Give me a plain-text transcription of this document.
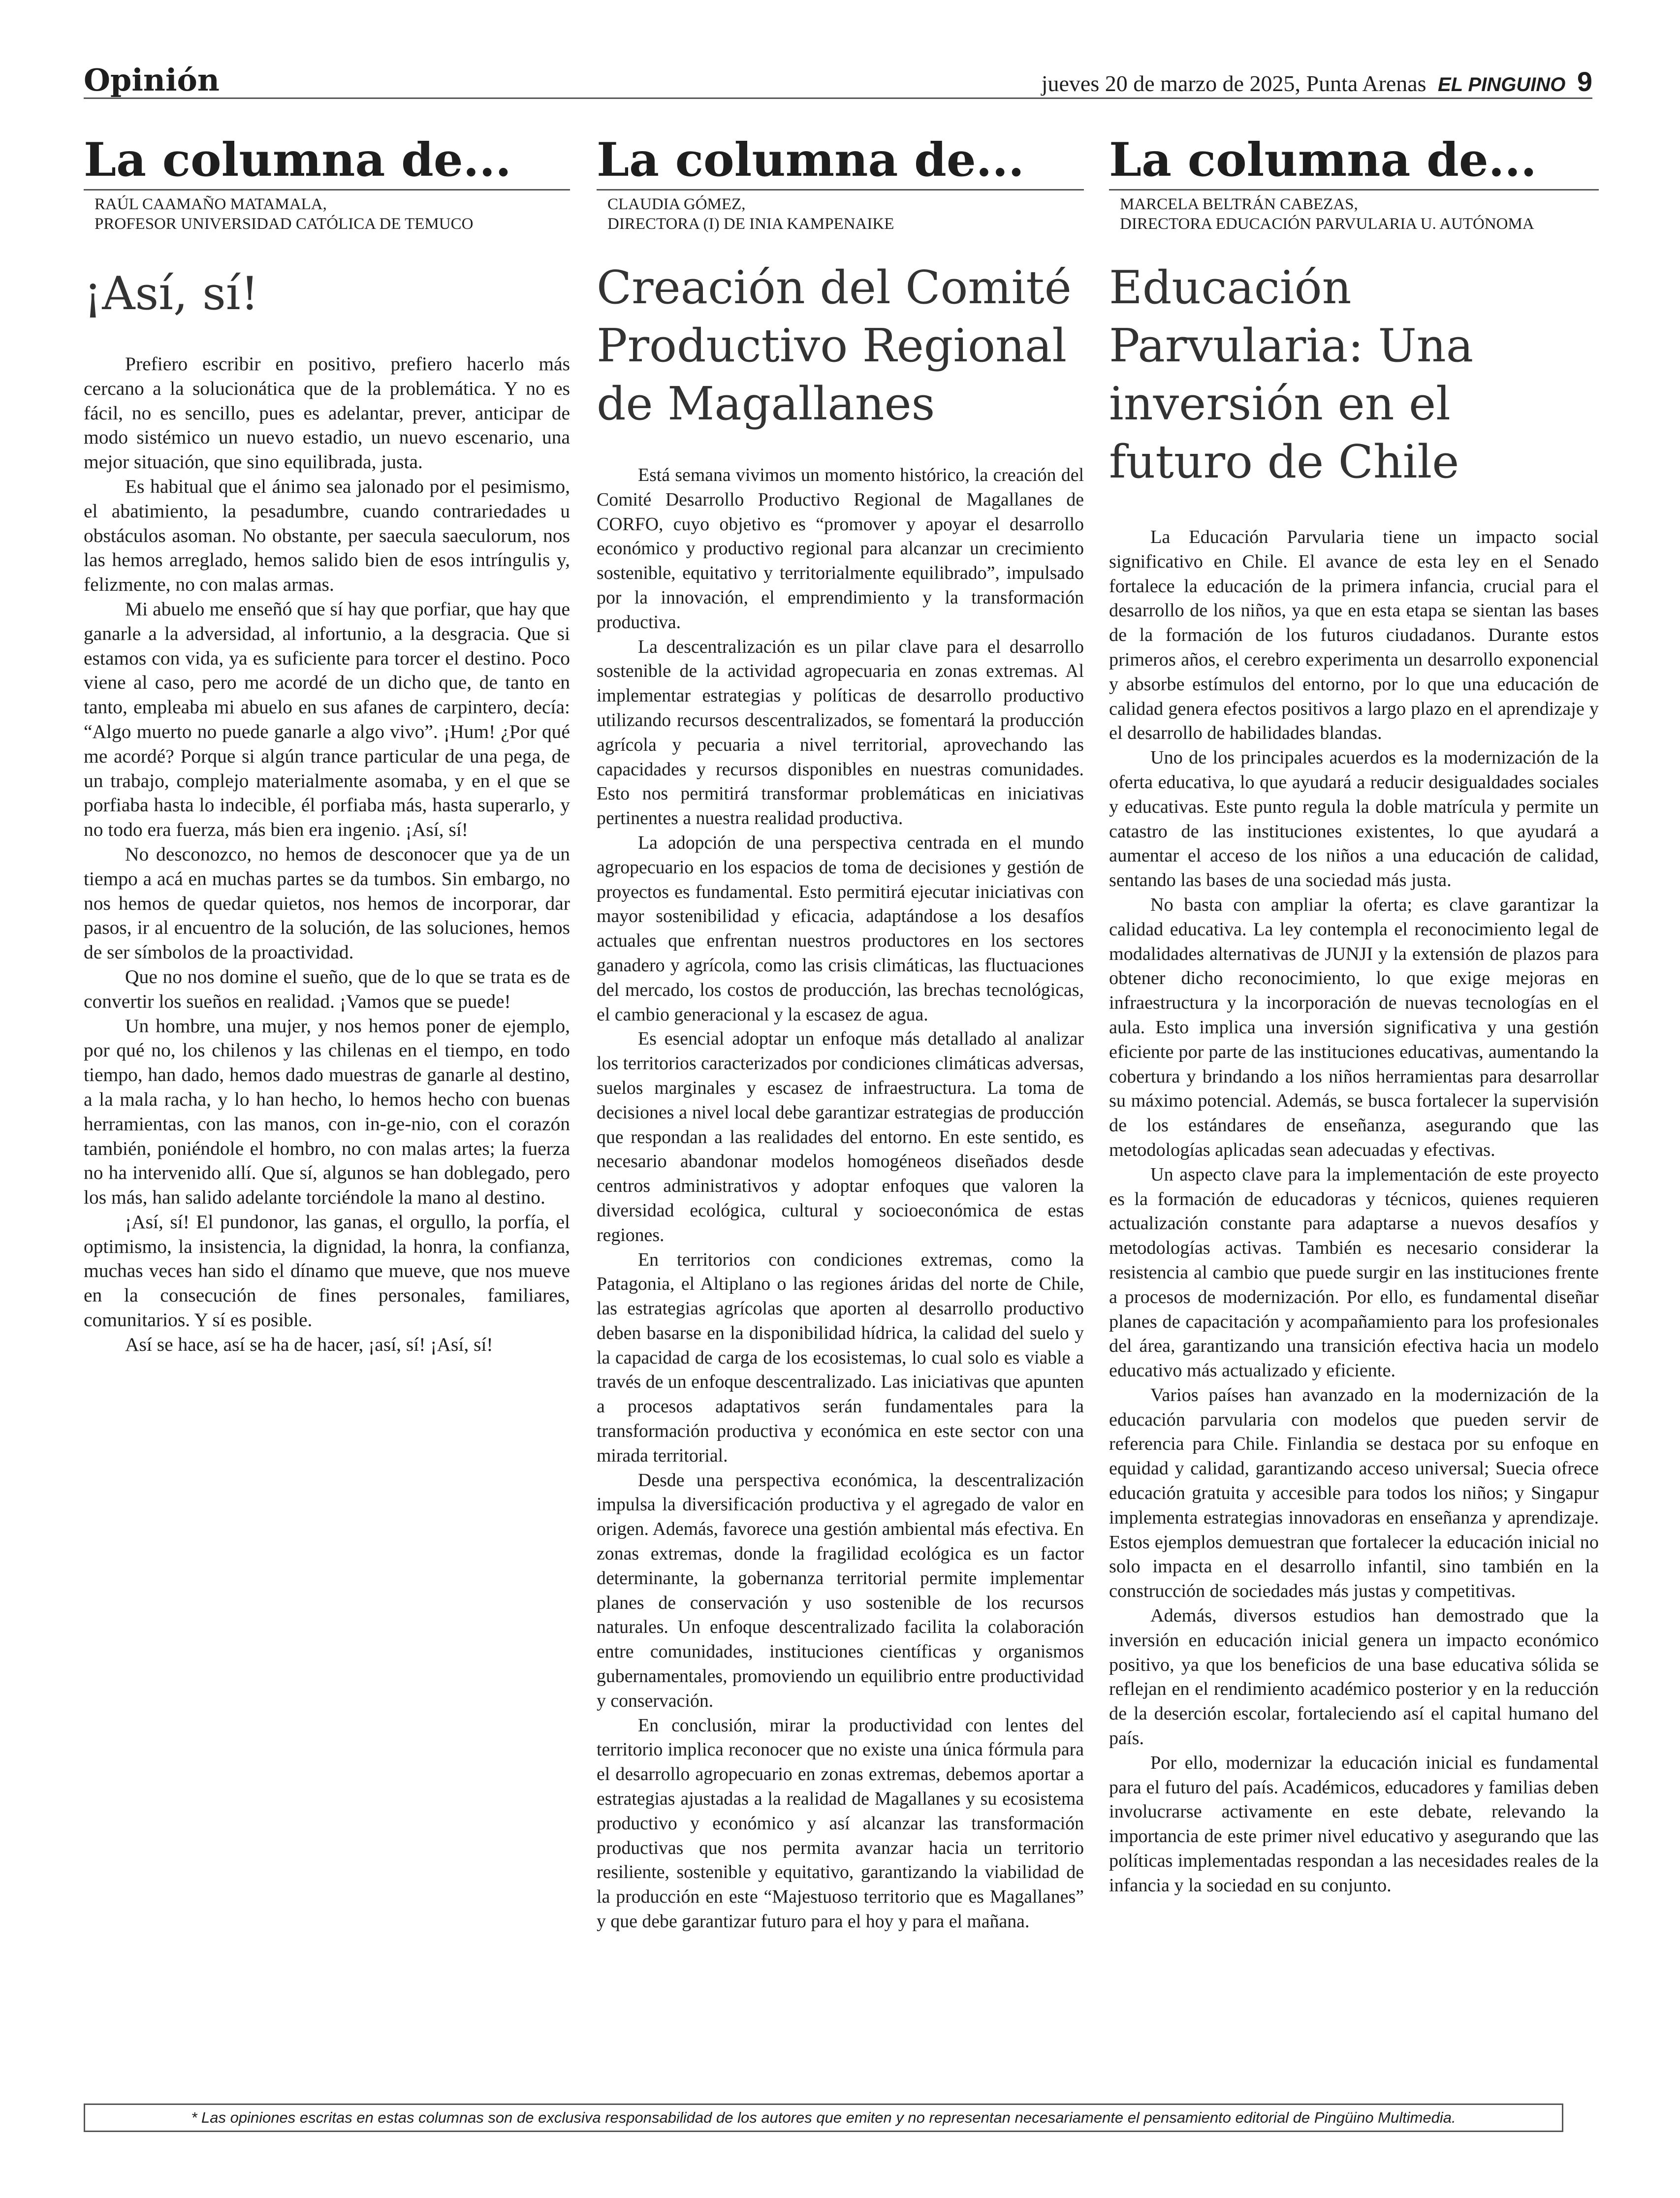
Opinión	jueves 20 de marzo de 2025, Punta Arenas EL PINGUINO 9
La columna de...
RAÚL CAAMAÑO MATAMALA,
PROFESOR UNIVERSIDAD CATÓLICA DE TEMUCO
¡Así, sí!

Prefiero escribir en positivo, prefiero hacerlo más cercano a la solucionática que de la problemática. Y no es fácil, no es sencillo, pues es adelantar, prever, anticipar de modo sistémico un nuevo estadio, un nuevo escenario, una mejor situación, que sino equilibrada, justa.

Es habitual que el ánimo sea jalonado por el pesimismo, el abatimiento, la pesadumbre, cuando contrariedades u obstáculos asoman. No obstante, per saecula saeculorum, nos las hemos arreglado, hemos salido bien de esos intríngulis y, felizmente, no con malas armas.

Mi abuelo me enseñó que sí hay que porfiar, que hay que ganarle a la adversidad, al infortunio, a la desgracia. Que si estamos con vida, ya es suficiente para torcer el destino. Poco viene al caso, pero me acordé de un dicho que, de tanto en tanto, empleaba mi abuelo en sus afanes de carpintero, decía: “Algo muerto no puede ganarle a algo vivo”. ¡Hum! ¿Por qué me acordé? Porque si algún trance particular de una pega, de un trabajo, complejo materialmente asomaba, y en el que se porfiaba hasta lo indecible, él porfiaba más, hasta superarlo, y no todo era fuerza, más bien era ingenio. ¡Así, sí!

No desconozco, no hemos de desconocer que ya de un tiempo a acá en muchas partes se da tumbos. Sin embargo, no nos hemos de quedar quietos, nos hemos de incorporar, dar pasos, ir al encuentro de la solución, de las soluciones, hemos de ser símbolos de la proactividad.

Que no nos domine el sueño, que de lo que se trata es de convertir los sueños en realidad. ¡Vamos que se puede!

Un hombre, una mujer, y nos hemos poner de ejemplo, por qué no, los chilenos y las chilenas en el tiempo, en todo tiempo, han dado, hemos dado muestras de ganarle al destino, a la mala racha, y lo han hecho, lo hemos hecho con buenas herramientas, con las manos, con in-ge-nio, con el corazón también, poniéndole el hombro, no con malas artes; la fuerza no ha intervenido allí. Que sí, algunos se han doblegado, pero los más, han salido adelante torciéndole la mano al destino.

¡Así, sí! El pundonor, las ganas, el orgullo, la porfía, el optimismo, la insistencia, la dignidad, la honra, la confianza, muchas veces han sido el dínamo que mueve, que nos mueve en la consecución de fines personales, familiares, comunitarios. Y sí es posible.

Así se hace, así se ha de hacer, ¡así, sí! ¡Así, sí!

La columna de...
CLAUDIA GÓMEZ,
DIRECTORA (I) DE INIA KAMPENAIKE
Creación del Comité Productivo Regional de Magallanes

Está semana vivimos un momento histórico, la creación del Comité Desarrollo Productivo Regional de Magallanes de CORFO, cuyo objetivo es “promover y apoyar el desarrollo económico y productivo regional para alcanzar un crecimiento sostenible, equitativo y territorialmente equilibrado”, impulsado por la innovación, el emprendimiento y la transformación productiva.

La descentralización es un pilar clave para el desarrollo sostenible de la actividad agropecuaria en zonas extremas. Al implementar estrategias y políticas de desarrollo productivo utilizando recursos descentralizados, se fomentará la producción agrícola y pecuaria a nivel territorial, aprovechando las capacidades y recursos disponibles en nuestras comunidades. Esto nos permitirá transformar problemáticas en iniciativas pertinentes a nuestra realidad productiva.

La adopción de una perspectiva centrada en el mundo agropecuario en los espacios de toma de decisiones y gestión de proyectos es fundamental. Esto permitirá ejecutar iniciativas con mayor sostenibilidad y eficacia, adaptándose a los desafíos actuales que enfrentan nuestros productores en los sectores ganadero y agrícola, como las crisis climáticas, las fluctuaciones del mercado, los costos de producción, las brechas tecnológicas, el cambio generacional y la escasez de agua.

Es esencial adoptar un enfoque más detallado al analizar los territorios caracterizados por condiciones climáticas adversas, suelos marginales y escasez de infraestructura. La toma de decisiones a nivel local debe garantizar estrategias de producción que respondan a las realidades del entorno. En este sentido, es necesario abandonar modelos homogéneos diseñados desde centros administrativos y adoptar enfoques que valoren la diversidad ecológica, cultural y socioeconómica de estas regiones.

En territorios con condiciones extremas, como la Patagonia, el Altiplano o las regiones áridas del norte de Chile, las estrategias agrícolas que aporten al desarrollo productivo deben basarse en la disponibilidad hídrica, la calidad del suelo y la capacidad de carga de los ecosistemas, lo cual solo es viable a través de un enfoque descentralizado. Las iniciativas que apunten a procesos adaptativos serán fundamentales para la transformación productiva y económica en este sector con una mirada territorial.

Desde una perspectiva económica, la descentralización impulsa la diversificación productiva y el agregado de valor en origen. Además, favorece una gestión ambiental más efectiva. En zonas extremas, donde la fragilidad ecológica es un factor determinante, la gobernanza territorial permite implementar planes de conservación y uso sostenible de los recursos naturales. Un enfoque descentralizado facilita la colaboración entre comunidades, instituciones científicas y organismos gubernamentales, promoviendo un equilibrio entre productividad y conservación.

En conclusión, mirar la productividad con lentes del territorio implica reconocer que no existe una única fórmula para el desarrollo agropecuario en zonas extremas, debemos aportar a estrategias ajustadas a la realidad de Magallanes y su ecosistema productivo y económico y así alcanzar las transformación productivas que nos permita avanzar hacia un territorio resiliente, sostenible y equitativo, garantizando la viabilidad de la producción en este “Majestuoso territorio que es Magallanes” y que debe garantizar futuro para el hoy y para el mañana.

La columna de...
MARCELA BELTRÁN CABEZAS,
DIRECTORA EDUCACIÓN PARVULARIA U. AUTÓNOMA
Educación Parvularia: Una inversión en el futuro de Chile

La Educación Parvularia tiene un impacto social significativo en Chile. El avance de esta ley en el Senado fortalece la educación de la primera infancia, crucial para el desarrollo de los niños, ya que en esta etapa se sientan las bases de la formación de los futuros ciudadanos. Durante estos primeros años, el cerebro experimenta un desarrollo exponencial y absorbe estímulos del entorno, por lo que una educación de calidad genera efectos positivos a largo plazo en el aprendizaje y el desarrollo de habilidades blandas.

Uno de los principales acuerdos es la modernización de la oferta educativa, lo que ayudará a reducir desigualdades sociales y educativas. Este punto regula la doble matrícula y permite un catastro de las instituciones existentes, lo que ayudará a aumentar el acceso de los niños a una educación de calidad, sentando las bases de una sociedad más justa.

No basta con ampliar la oferta; es clave garantizar la calidad educativa. La ley contempla el reconocimiento legal de modalidades alternativas de JUNJI y la extensión de plazos para obtener dicho reconocimiento, lo que exige mejoras en infraestructura y la incorporación de nuevas tecnologías en el aula. Esto implica una inversión significativa y una gestión eficiente por parte de las instituciones educativas, aumentando la cobertura y brindando a los niños herramientas para desarrollar su máximo potencial. Además, se busca fortalecer la supervisión de los estándares de enseñanza, asegurando que las metodologías aplicadas sean adecuadas y efectivas.

Un aspecto clave para la implementación de este proyecto es la formación de educadoras y técnicos, quienes requieren actualización constante para adaptarse a nuevos desafíos y metodologías activas. También es necesario considerar la resistencia al cambio que puede surgir en las instituciones frente a procesos de modernización. Por ello, es fundamental diseñar planes de capacitación y acompañamiento para los profesionales del área, garantizando una transición efectiva hacia un modelo educativo más actualizado y eficiente.

Varios países han avanzado en la modernización de la educación parvularia con modelos que pueden servir de referencia para Chile. Finlandia se destaca por su enfoque en equidad y calidad, garantizando acceso universal; Suecia ofrece educación gratuita y accesible para todos los niños; y Singapur implementa estrategias innovadoras en enseñanza y aprendizaje. Estos ejemplos demuestran que fortalecer la educación inicial no solo impacta en el desarrollo infantil, sino también en la construcción de sociedades más justas y competitivas.

Además, diversos estudios han demostrado que la inversión en educación inicial genera un impacto económico positivo, ya que los beneficios de una base educativa sólida se reflejan en el rendimiento académico posterior y en la reducción de la deserción escolar, fortaleciendo así el capital humano del país.

Por ello, modernizar la educación inicial es fundamental para el futuro del país. Académicos, educadores y familias deben involucrarse activamente en este debate, relevando la importancia de este primer nivel educativo y asegurando que las políticas implementadas respondan a las necesidades reales de la infancia y la sociedad en su conjunto.

* Las opiniones escritas en estas columnas son de exclusiva responsabilidad de los autores que emiten y no representan necesariamente el pensamiento editorial de Pingüino Multimedia.
